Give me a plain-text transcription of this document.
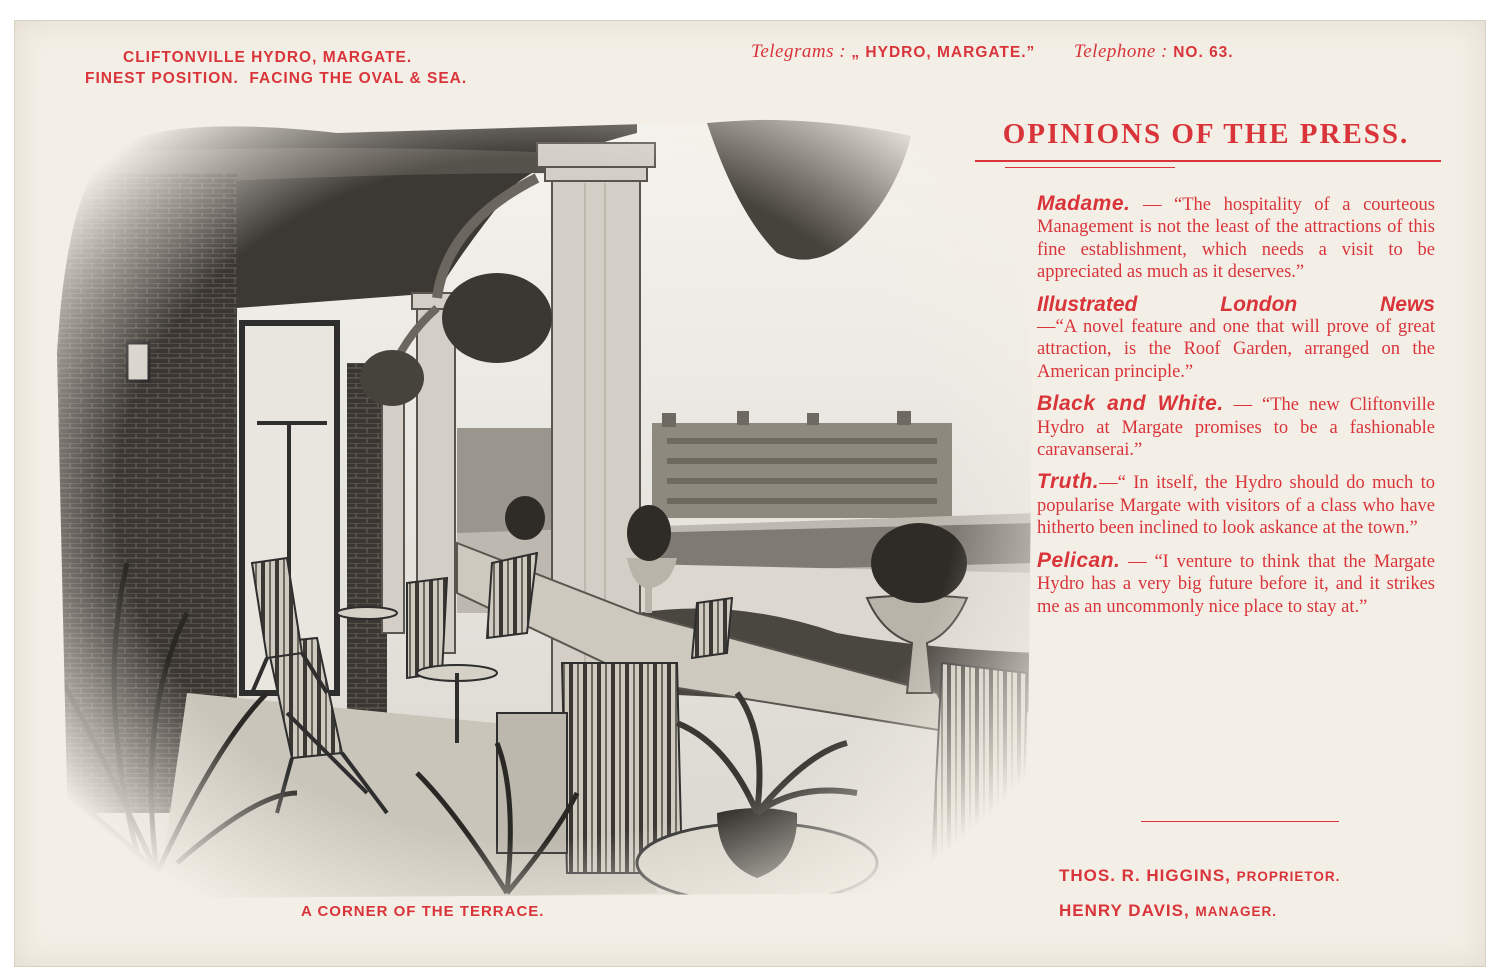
CLIFTONVILLE HYDRO, MARGATE.
FINEST POSITION.  FACING THE OVAL & SEA.
Telegrams : „ HYDRO, MARGATE.” Telephone : NO. 63.
A CORNER OF THE TERRACE.
OPINIONS OF THE PRESS.
Madame. — “The hospitality of a courteous Management is not the least of the attractions of this fine establishment, which needs a visit to be appreciated as much as it deserves.”
Illustrated London News
—“A novel feature and one that will prove of great attraction, is the Roof Garden, arranged on the American principle.”
Black and White. — “The new Cliftonville Hydro at Margate promises to be a fashionable caravanserai.”
Truth.—“ In itself, the Hydro should do much to popularise Margate with visitors of a class who have hitherto been inclined to look askance at the town.”
Pelican. — “I venture to think that the Margate Hydro has a very big future before it, and it strikes me as an uncommonly nice place to stay at.”
THOS. R. HIGGINS, PROPRIETOR.
HENRY DAVIS, MANAGER.
